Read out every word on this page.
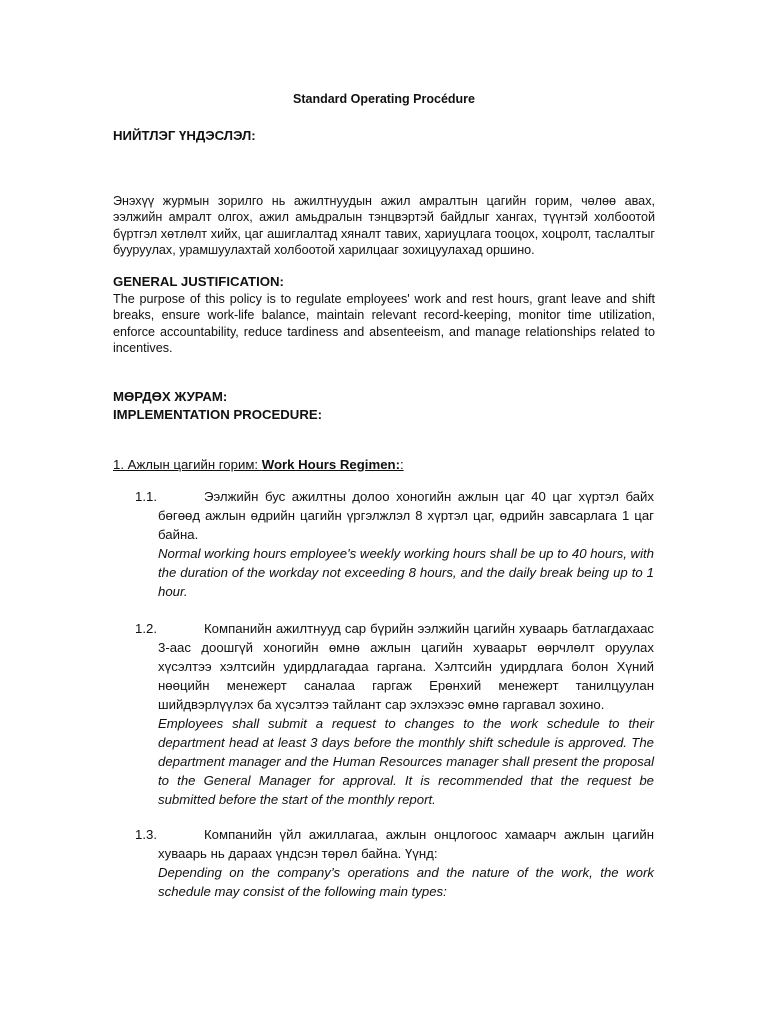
Standard Operating Procédure
НИЙТЛЭГ ҮНДЭСЛЭЛ:
Энэхүү журмын зорилго нь ажилтнуудын ажил амралтын цагийн горим, чөлөө авах, ээлжийн амралт олгох, ажил амьдралын тэнцвэртэй байдлыг хангах, түүнтэй холбоотой бүртгэл хөтлөлт хийх, цаг ашиглалтад хяналт тавих, хариуцлага тооцох, хоцролт, таслалтыг бууруулах, урамшуулахтай холбоотой харилцааг зохицуулахад оршино.
GENERAL JUSTIFICATION:
The purpose of this policy is to regulate employees' work and rest hours, grant leave and shift breaks, ensure work-life balance, maintain relevant record-keeping, monitor time utilization, enforce accountability, reduce tardiness and absenteeism, and manage relationships related to incentives.
МӨРДӨХ ЖУРАМ:
IMPLEMENTATION PROCEDURE:
1. Ажлын цагийн горим: Work Hours Regimen::
1.1.	Ээлжийн бус ажилтны долоо хоногийн ажлын цаг 40 цаг хүртэл байх бөгөөд ажлын өдрийн цагийн үргэлжлэл 8 хүртэл цаг, өдрийн завсарлага 1 цаг байна.
Normal working hours employee's weekly working hours shall be up to 40 hours, with the duration of the workday not exceeding 8 hours, and the daily break being up to 1 hour.
1.2.	Компанийн ажилтнууд сар бүрийн ээлжийн цагийн хуваарь батлагдахаас 3-аас доошгүй хоногийн өмнө ажлын цагийн хуваарьт өөрчлөлт оруулах хүсэлтээ хэлтсийн удирдлагадаа гаргана. Хэлтсийн удирдлага болон Хүний нөөцийн менежерт саналаа гаргаж Ерөнхий менежерт танилцуулан шийдвэрлүүлэх ба хүсэлтээ тайлант сар эхлэхээс өмнө гаргавал зохино.
Employees shall submit a request to changes to the work schedule to their department head at least 3 days before the monthly shift schedule is approved. The department manager and the Human Resources manager shall present the proposal to the General Manager for approval. It is recommended that the request be submitted before the start of the monthly report.
1.3.	Компанийн үйл ажиллагаа, ажлын онцлогоос хамаарч ажлын цагийн хуваарь нь дараах үндсэн төрөл байна. Үүнд:
Depending on the company’s operations and the nature of the work, the work schedule may consist of the following main types:
